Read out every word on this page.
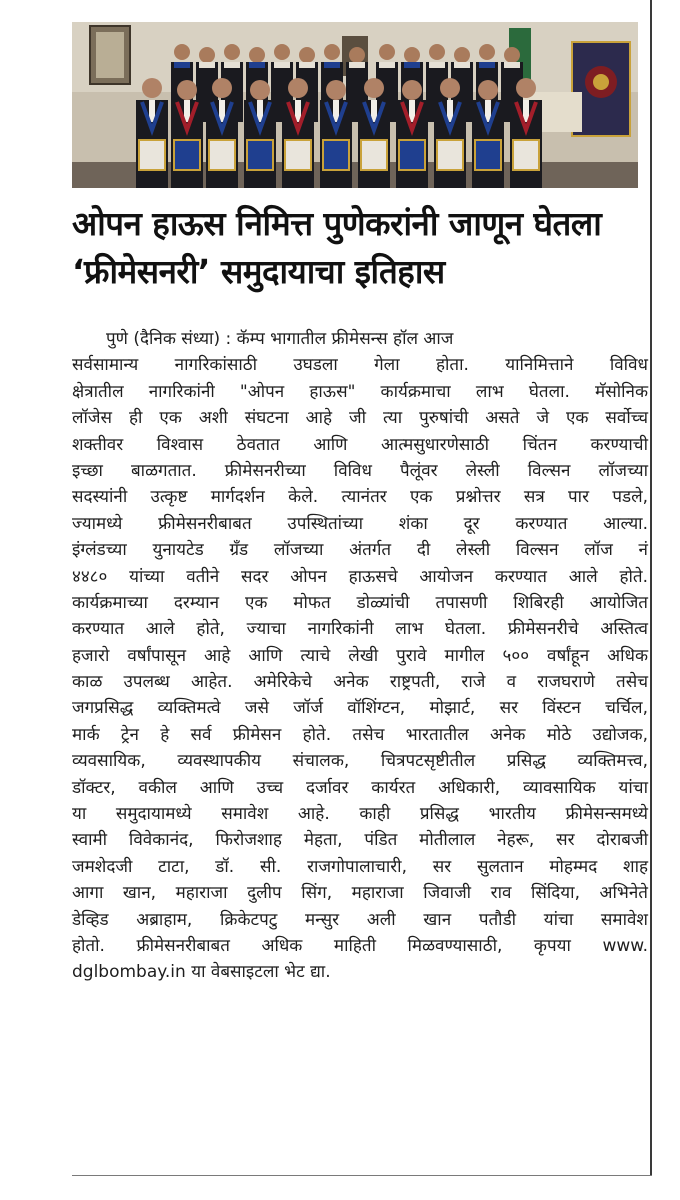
ओपन हाऊस निमित्त पुणेकरांनी जाणून घेतला
‘फ्रीमेसनरी’ समुदायाचा इतिहास
पुणे (दैनिक संध्या) : कॅम्प भागातील फ्रीमेसन्स हॉल आज
सर्वसामान्य नागरिकांसाठी उघडला गेला होता. यानिमित्ताने विविध
क्षेत्रातील नागरिकांनी "ओपन हाऊस" कार्यक्रमाचा लाभ घेतला. मॅसोनिक
लॉजेस ही एक अशी संघटना आहे जी त्या पुरुषांची असते जे एक सर्वोच्च
शक्तीवर विश्वास ठेवतात आणि आत्मसुधारणेसाठी चिंतन करण्याची
इच्छा बाळगतात. फ्रीमेसनरीच्या विविध पैलूंवर लेस्ली विल्सन लॉजच्या
सदस्यांनी उत्कृष्ट मार्गदर्शन केले. त्यानंतर एक प्रश्नोत्तर सत्र पार पडले,
ज्यामध्ये फ्रीमेसनरीबाबत उपस्थितांच्या शंका दूर करण्यात आल्या.
इंग्लंडच्या युनायटेड ग्रँड लॉजच्या अंतर्गत दी लेस्ली विल्सन लॉज नं
४४८० यांच्या वतीने सदर ओपन हाऊसचे आयोजन करण्यात आले होते.
कार्यक्रमाच्या दरम्यान एक मोफत डोळ्यांची तपासणी शिबिरही आयोजित
करण्यात आले होते, ज्याचा नागरिकांनी लाभ घेतला. फ्रीमेसनरीचे अस्तित्व
हजारो वर्षांपासून आहे आणि त्याचे लेखी पुरावे मागील ५०० वर्षांहून अधिक
काळ उपलब्ध आहेत. अमेरिकेचे अनेक राष्ट्रपती, राजे व राजघराणे तसेच
जगप्रसिद्ध व्यक्तिमत्वे जसे जॉर्ज वॉशिंग्टन, मोझार्ट, सर विंस्टन चर्चिल,
मार्क ट्रेन हे सर्व फ्रीमेसन होते. तसेच भारतातील अनेक मोठे उद्योजक,
व्यवसायिक, व्यवस्थापकीय संचालक, चित्रपटसृष्टीतील प्रसिद्ध व्यक्तिमत्त्व,
डॉक्टर, वकील आणि उच्च दर्जावर कार्यरत अधिकारी, व्यावसायिक यांचा
या समुदायामध्ये समावेश आहे. काही प्रसिद्ध भारतीय फ्रीमेसन्समध्ये
स्वामी विवेकानंद, फिरोजशाह मेहता, पंडित मोतीलाल नेहरू, सर दोराबजी
जमशेदजी टाटा, डॉ. सी. राजगोपालाचारी, सर सुलतान मोहम्मद शाह
आगा खान, महाराजा दुलीप सिंग, महाराजा जिवाजी राव सिंदिया, अभिनेते
डेव्हिड अब्राहाम, क्रिकेटपटु मन्सुर अली खान पतौडी यांचा समावेश
होतो. फ्रीमेसनरीबाबत अधिक माहिती मिळवण्यासाठी, कृपया www.
dglbombay.in या वेबसाइटला भेट द्या.
